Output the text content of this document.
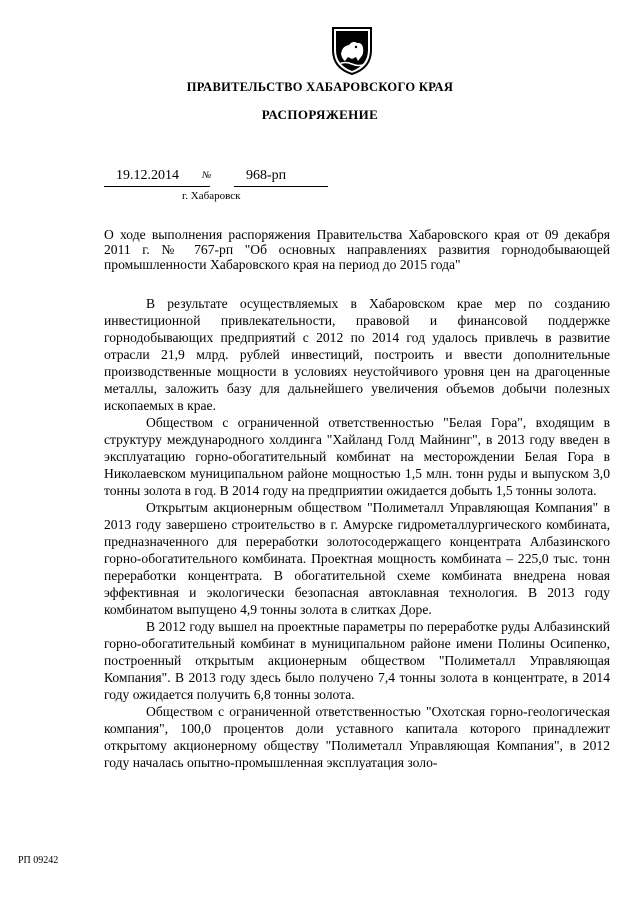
ПРАВИТЕЛЬСТВО ХАБАРОВСКОГО КРАЯ
РАСПОРЯЖЕНИЕ
19.12.2014 № 968-рп
г. Хабаровск
О ходе выполнения распоряжения Правительства Хабаровского края от 09 декабря 2011 г. № 767-рп "Об основных направлениях развития горнодобывающей промышленности Хабаровского края на период до 2015 года"

В результате осуществляемых в Хабаровском крае мер по созданию инвестиционной привлекательности, правовой и финансовой поддержке горнодобывающих предприятий с 2012 по 2014 год удалось привлечь в развитие отрасли 21,9 млрд. рублей инвестиций, построить и ввести дополнительные производственные мощности в условиях неустойчивого уровня цен на драгоценные металлы, заложить базу для дальнейшего увеличения объемов добычи полезных ископаемых в крае.

Обществом с ограниченной ответственностью "Белая Гора", входящим в структуру международного холдинга "Хайланд Голд Майнинг", в 2013 году введен в эксплуатацию горно-обогатительный комбинат на месторождении Белая Гора в Николаевском муниципальном районе мощностью 1,5 млн. тонн руды и выпуском 3,0 тонны золота в год. В 2014 году на предприятии ожидается добыть 1,5 тонны золота.

Открытым акционерным обществом "Полиметалл Управляющая Компания" в 2013 году завершено строительство в г. Амурске гидрометаллургического комбината, предназначенного для переработки золотосодержащего концентрата Албазинского горно-обогатительного комбината. Проектная мощность комбината – 225,0 тыс. тонн переработки концентрата. В обогатительной схеме комбината внедрена новая эффективная и экологически безопасная автоклавная технология. В 2013 году комбинатом выпущено 4,9 тонны золота в слитках Доре.

В 2012 году вышел на проектные параметры по переработке руды Албазинский горно-обогатительный комбинат в муниципальном районе имени Полины Осипенко, построенный открытым акционерным обществом "Полиметалл Управляющая Компания". В 2013 году здесь было получено 7,4 тонны золота в концентрате, в 2014 году ожидается получить 6,8 тонны золота.

Обществом с ограниченной ответственностью "Охотская горно-геологическая компания", 100,0 процентов доли уставного капитала которого принадлежит открытому акционерному обществу "Полиметалл Управляющая Компания", в 2012 году началась опытно-промышленная эксплуатация золо-

РП 09242
